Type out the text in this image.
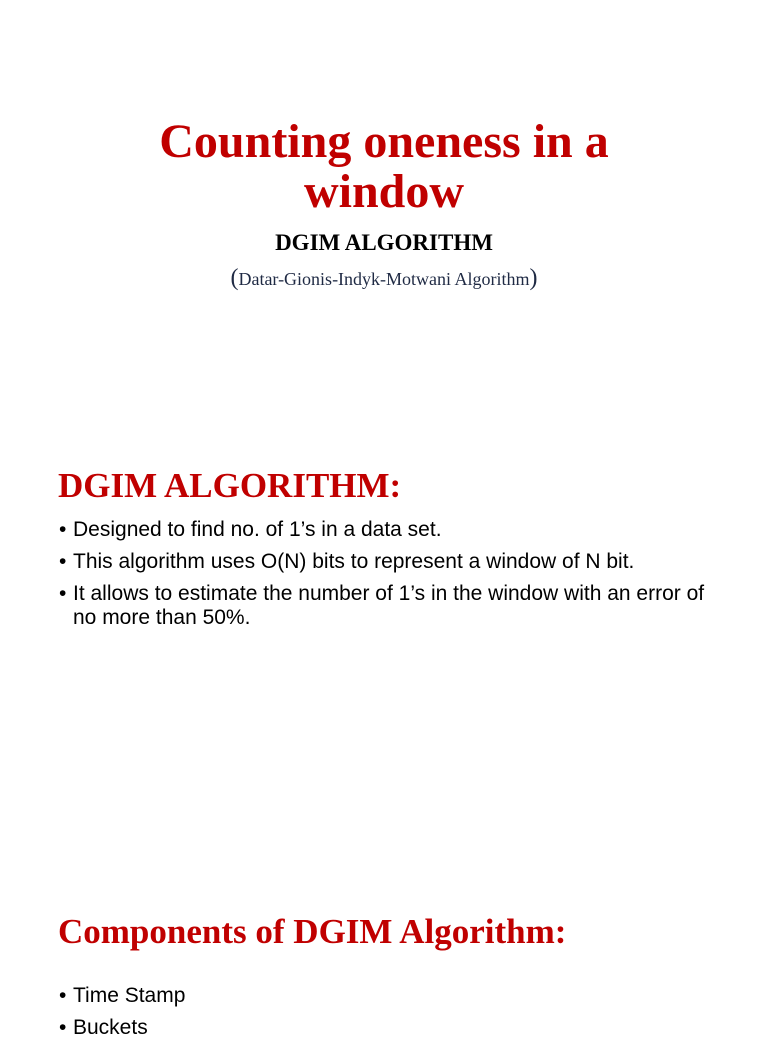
Counting oneness in a window

DGIM ALGORITHM

(Datar-Gionis-Indyk-Motwani Algorithm)

DGIM ALGORITHM:
•
Designed to find no. of 1’s in a data set.
•
This algorithm uses O(N) bits to represent a window of N bit.
•
It allows to estimate the number of 1’s in the window with an error of no more than 50%.
Components of DGIM Algorithm:
•
Time Stamp
•
Buckets
